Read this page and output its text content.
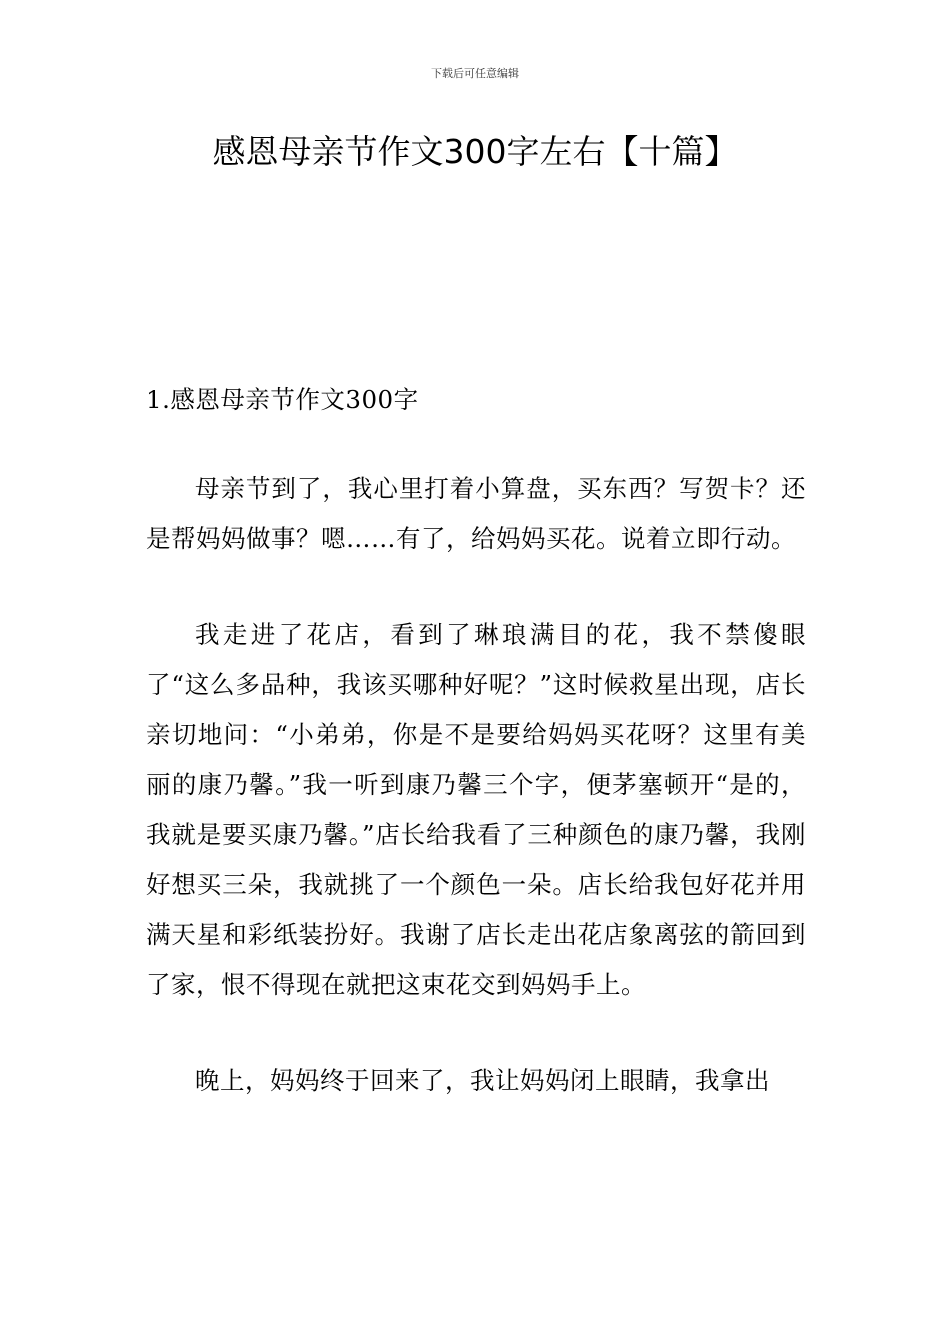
下载后可任意编辑
感恩母亲节作文300字左右【十篇】
1.感恩母亲节作文300字

母亲节到了，我心里打着小算盘，买东西？写贺卡？还是帮妈妈做事？嗯……有了，给妈妈买花。说着立即行动。

我走进了花店，看到了琳琅满目的花，我不禁傻眼了“这么多品种，我该买哪种好呢？”这时候救星出现，店长亲切地问：“小弟弟，你是不是要给妈妈买花呀？这里有美丽的康乃馨。”我一听到康乃馨三个字，便茅塞顿开“是的，我就是要买康乃馨。”店长给我看了三种颜色的康乃馨，我刚好想买三朵，我就挑了一个颜色一朵。店长给我包好花并用满天星和彩纸装扮好。我谢了店长走出花店象离弦的箭回到了家，恨不得现在就把这束花交到妈妈手上。

晚上，妈妈终于回来了，我让妈妈闭上眼睛，我拿出
